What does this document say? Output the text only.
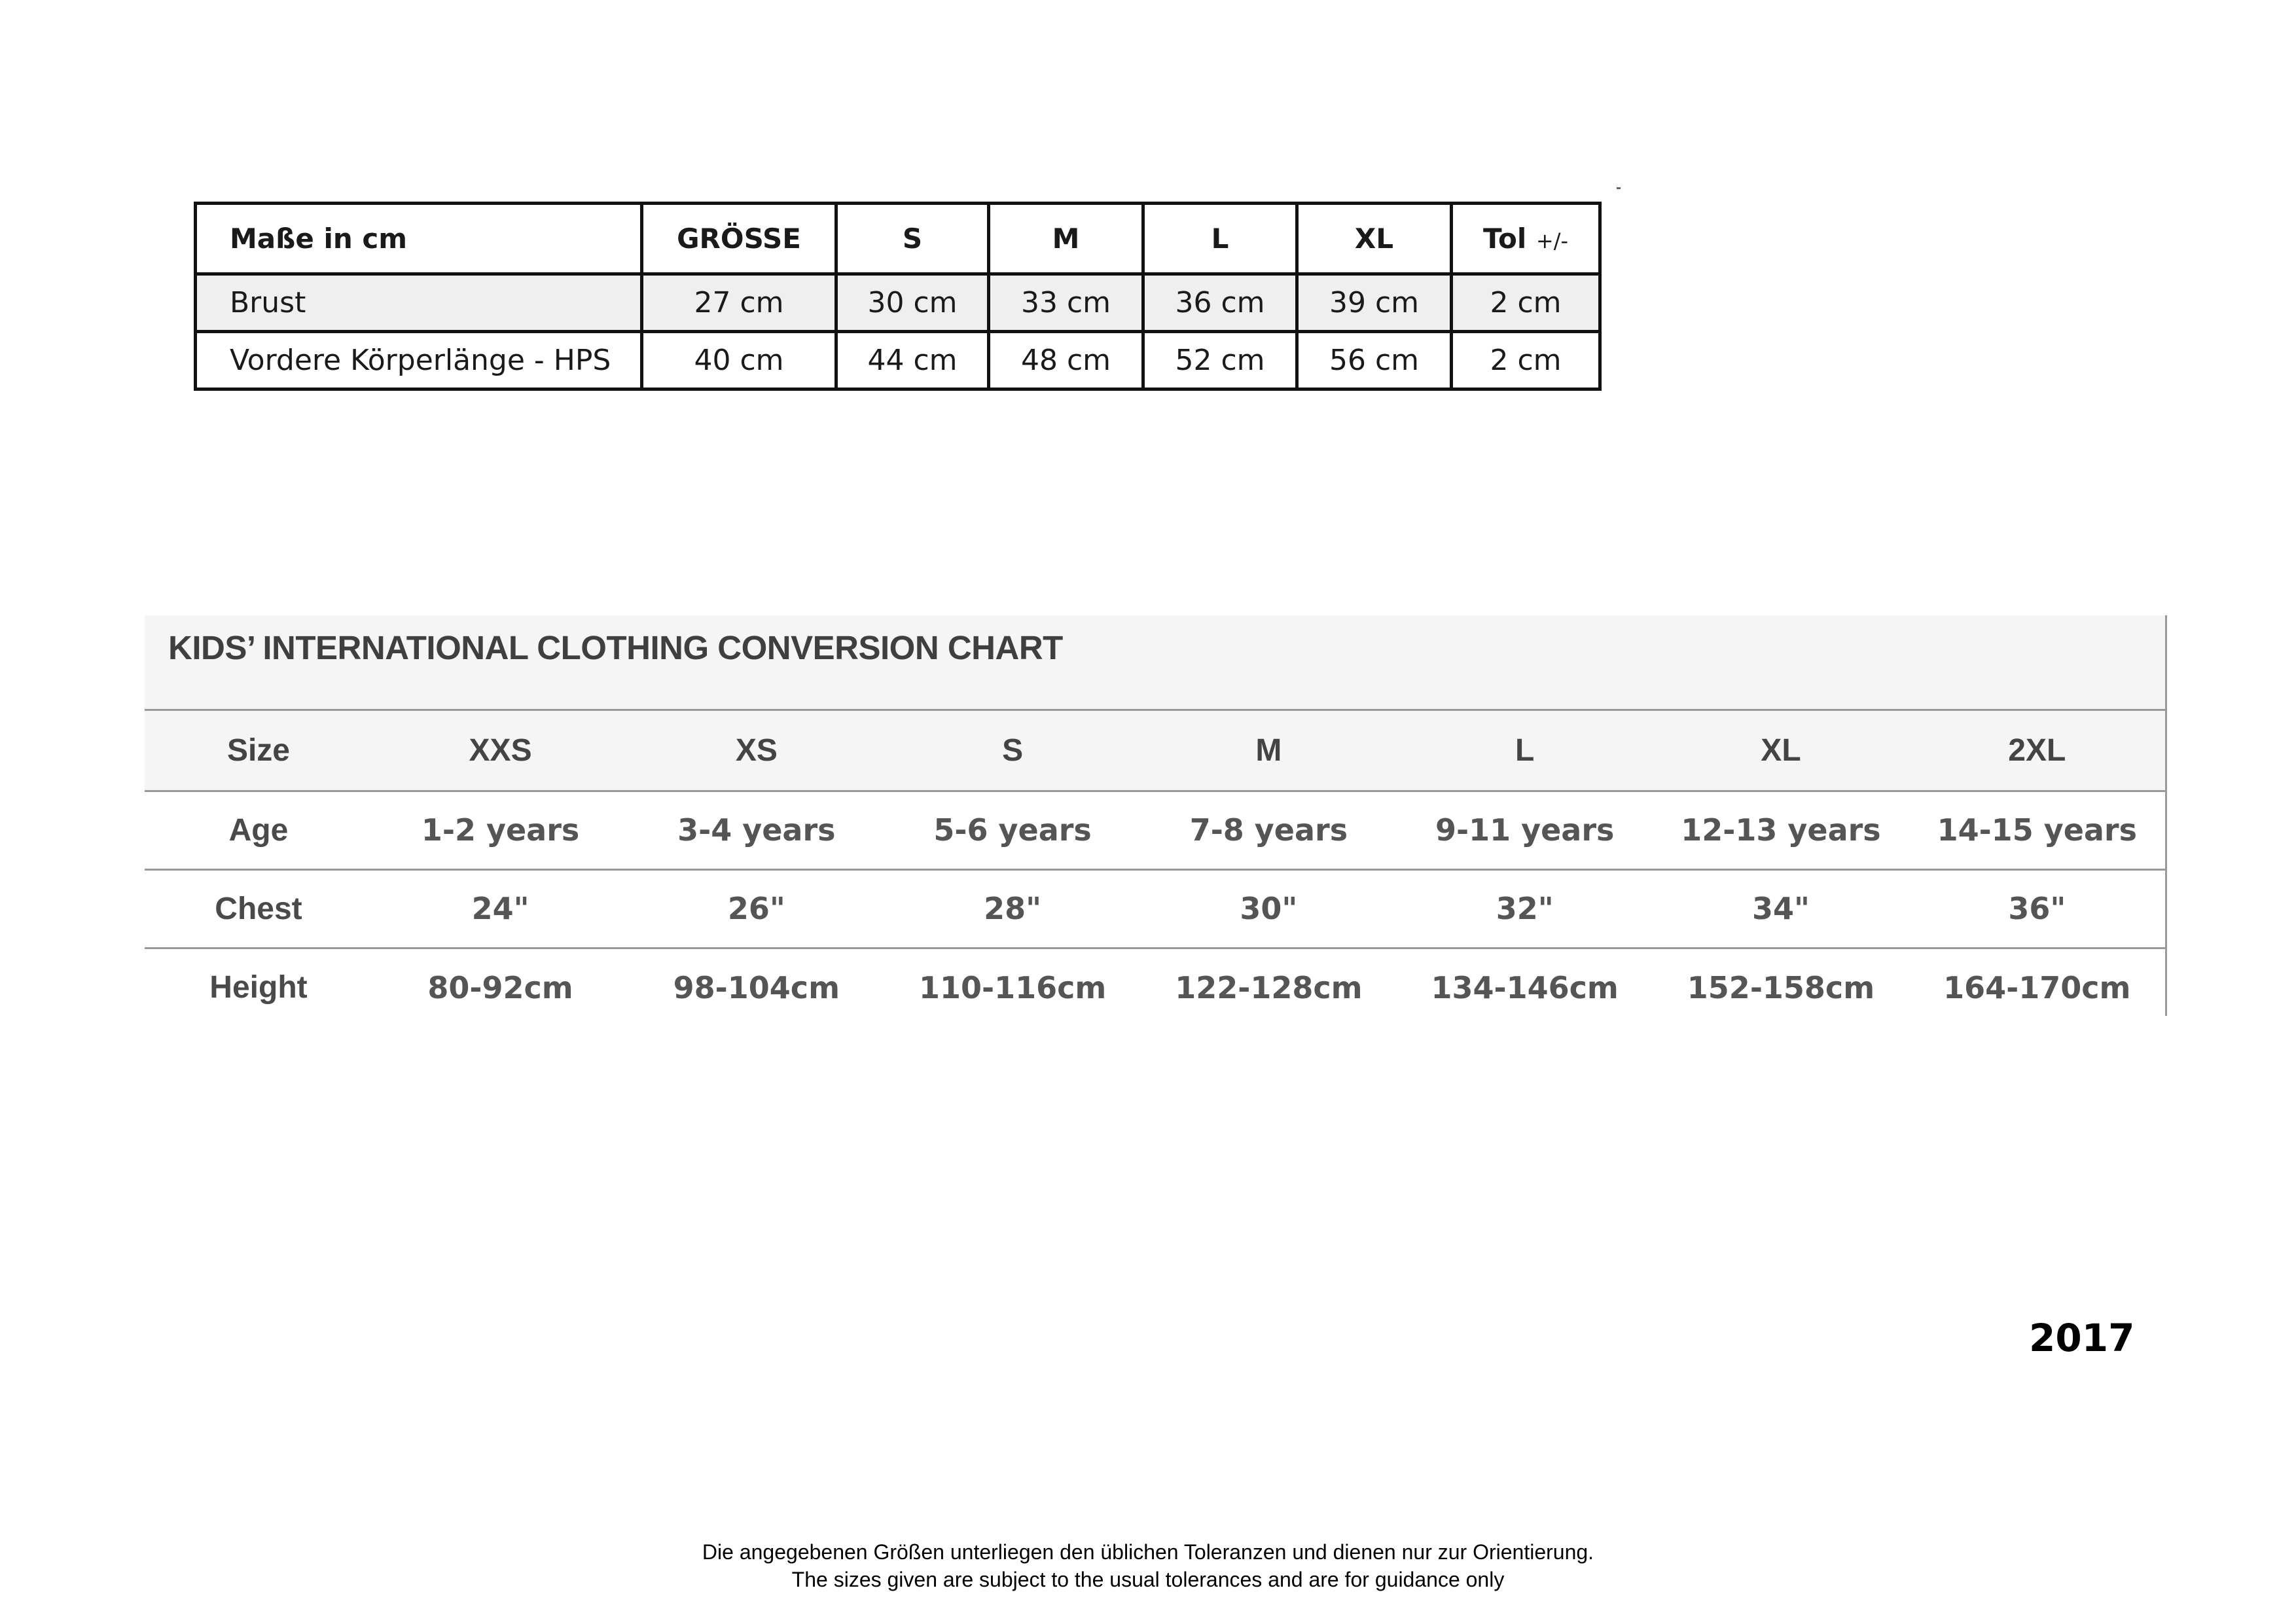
Maße in cm	GRÖSSE	S	M	L	XL	Tol +/-
Brust	27 cm	30 cm	33 cm	36 cm	39 cm	2 cm
Vordere Körperlänge - HPS	40 cm	44 cm	48 cm	52 cm	56 cm	2 cm
KIDS’ INTERNATIONAL CLOTHING CONVERSION CHART
Size	XXS	XS	S	M	L	XL	2XL
Age	1-2 years	3-4 years	5-6 years	7-8 years	9-11 years	12-13 years	14-15 years
Chest	24"	26"	28"	30"	32"	34"	36"
Height	80-92cm	98-104cm	110-116cm	122-128cm	134-146cm	152-158cm	164-170cm
2017
Die angegebenen Größen unterliegen den üblichen Toleranzen und dienen nur zur Orientierung.
The sizes given are subject to the usual tolerances and are for guidance only
